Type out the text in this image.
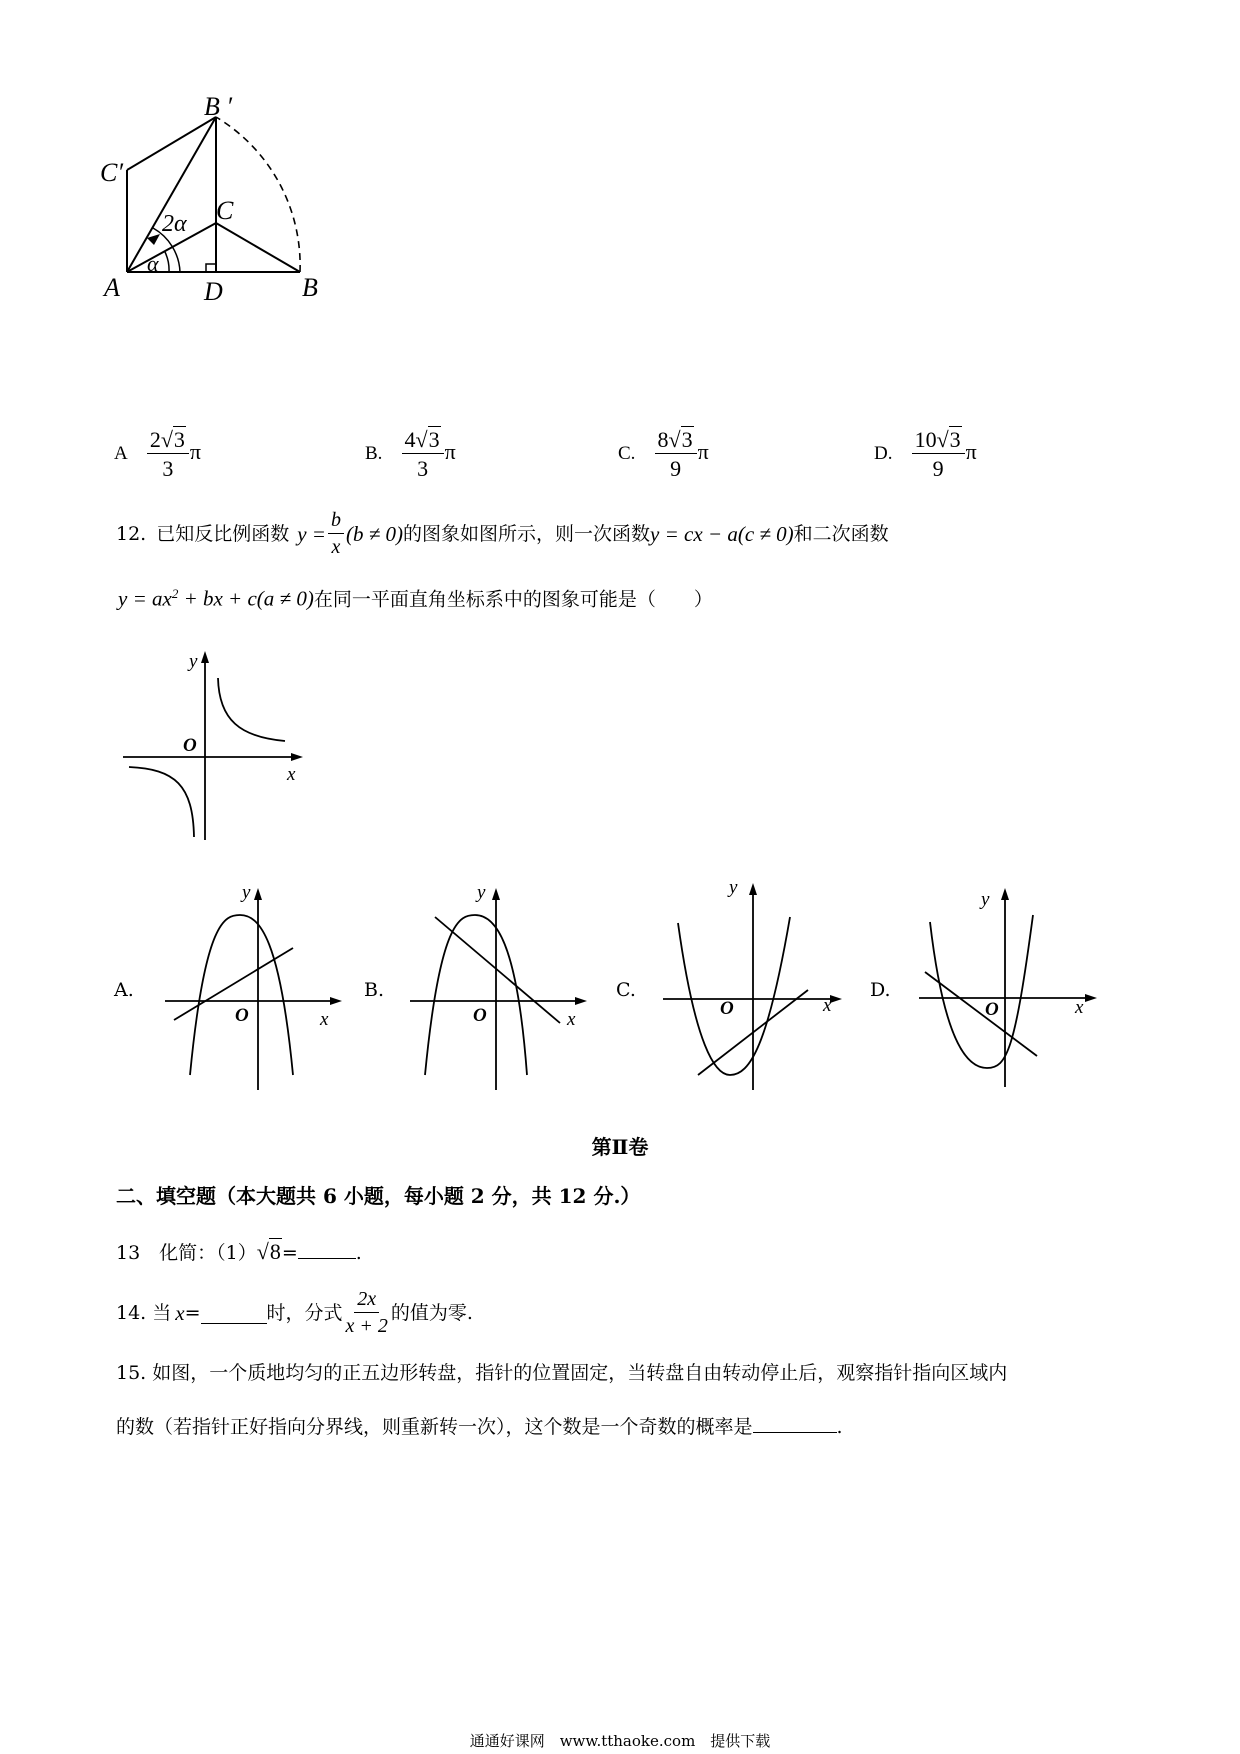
A	D	B
C
B ′
C′
2α
α
A $\frac{2√3}{3}$ π	B. $\frac{4√3}{3}$ π	C. $\frac{8√3}{9}$ π	D. $\frac{10√3}{9}$ π
12. 已知反比例函数 $y = \frac{b}{x} (b \ne 0)$ 的图象如图所示，则一次函数 y = cx − a(c ≠ 0) 和二次函数
$y = ax^2$ + bx + c(a ≠ 0)在同一平面直角坐标系中的图象可能是（　　）
y
x
O
A.
y
x
O
B.
y
x
O
C.
y
x
O
D.
y
x
O
第Ⅱ卷
二、填空题（本大题共 6 小题，每小题 2 分，共 12 分.）
13　化简：（1）√8=	.
14. 当 x =	时，分式 $\frac{2x}{x + 2}$ 的值为零.
15. 如图，一个质地均匀的正五边形转盘，指针的位置固定，当转盘自由转动停止后，观察指针指向区域内
的数（若指针正好指向分界线，则重新转一次），这个数是一个奇数的概率是	.
通通好课网　www.tthaoke.com　提供下载
